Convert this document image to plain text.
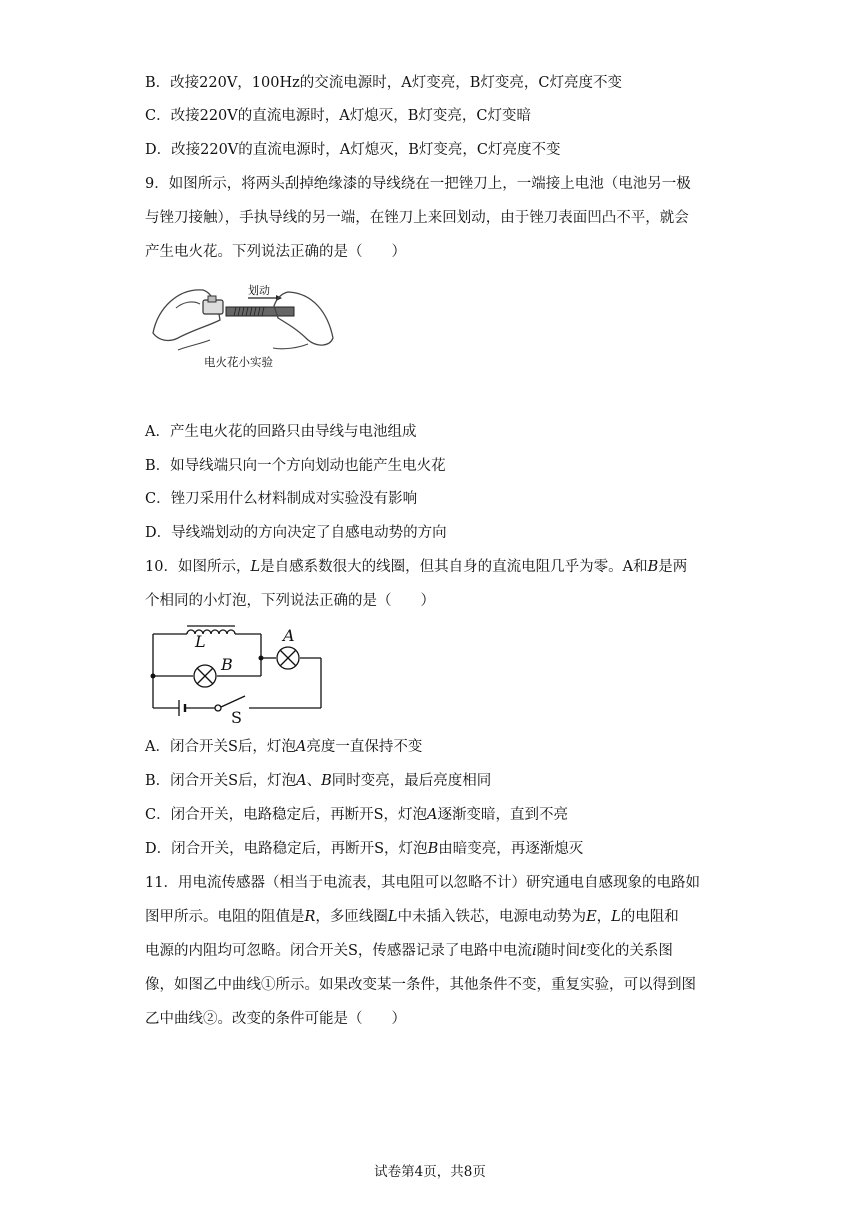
B．改接220V，100Hz的交流电源时，A灯变亮，B灯变亮，C灯亮度不变
C．改接220V的直流电源时，A灯熄灭，B灯变亮，C灯变暗
D．改接220V的直流电源时，A灯熄灭，B灯变亮，C灯亮度不变
9．如图所示，将两头刮掉绝缘漆的导线绕在一把锉刀上，一端接上电池（电池另一极
与锉刀接触），手执导线的另一端，在锉刀上来回划动，由于锉刀表面凹凸不平，就会
产生电火花。下列说法正确的是（　　）
划动
电火花小实验
A．产生电火花的回路只由导线与电池组成
B．如导线端只向一个方向划动也能产生电火花
C．锉刀采用什么材料制成对实验没有影响
D．导线端划动的方向决定了自感电动势的方向
10．如图所示，L是自感系数很大的线圈，但其自身的直流电阻几乎为零。A和B是两
个相同的小灯泡，下列说法正确的是（　　）
L
B
A
S
A．闭合开关S后，灯泡A亮度一直保持不变
B．闭合开关S后，灯泡A、B同时变亮，最后亮度相同
C．闭合开关，电路稳定后，再断开S，灯泡A逐渐变暗，直到不亮
D．闭合开关，电路稳定后，再断开S，灯泡B由暗变亮，再逐渐熄灭
11．用电流传感器（相当于电流表，其电阻可以忽略不计）研究通电自感现象的电路如
图甲所示。电阻的阻值是R，多匝线圈L中未插入铁芯，电源电动势为E，L的电阻和
电源的内阻均可忽略。闭合开关S，传感器记录了电路中电流i随时间t变化的关系图
像，如图乙中曲线①所示。如果改变某一条件，其他条件不变，重复实验，可以得到图
乙中曲线②。改变的条件可能是（　　）
试卷第4页，共8页
